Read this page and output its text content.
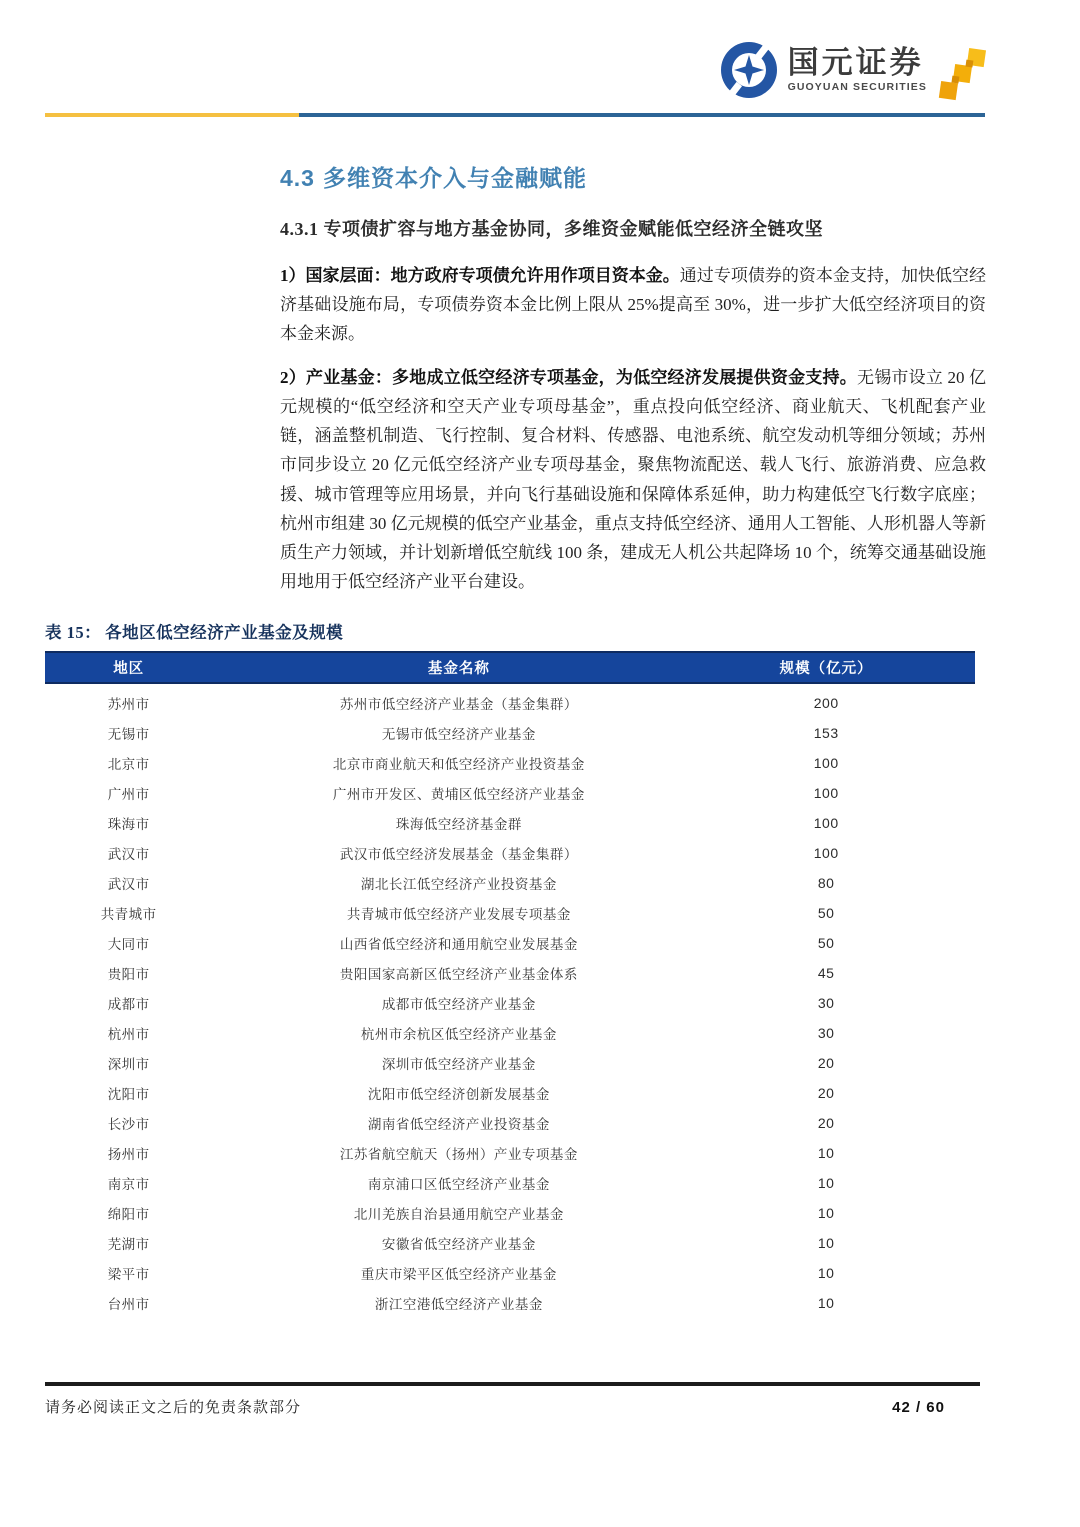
国元证券
GUOYUAN SECURITIES
4.3 多维资本介入与金融赋能
4.3.1 专项债扩容与地方基金协同，多维资金赋能低空经济全链攻坚

1）国家层面：地方政府专项债允许用作项目资本金。通过专项债券的资本金支持，加快低空经济基础设施布局，专项债券资本金比例上限从 25%提高至 30%，进一步扩大低空经济项目的资本金来源。

2）产业基金：多地成立低空经济专项基金，为低空经济发展提供资金支持。无锡市设立 20 亿元规模的“低空经济和空天产业专项母基金”，重点投向低空经济、商业航天、飞机配套产业链，涵盖整机制造、飞行控制、复合材料、传感器、电池系统、航空发动机等细分领域；苏州市同步设立 20 亿元低空经济产业专项母基金，聚焦物流配送、载人飞行、旅游消费、应急救援、城市管理等应用场景，并向飞行基础设施和保障体系延伸，助力构建低空飞行数字底座；杭州市组建 30 亿元规模的低空产业基金，重点支持低空经济、通用人工智能、人形机器人等新质生产力领域，并计划新增低空航线 100 条，建成无人机公共起降场 10 个，统筹交通基础设施用地用于低空经济产业平台建设。

表 15： 各地区低空经济产业基金及规模
地区	基金名称	规模（亿元）
苏州市	苏州市低空经济产业基金（基金集群）	200
无锡市	无锡市低空经济产业基金	153
北京市	北京市商业航天和低空经济产业投资基金	100
广州市	广州市开发区、黄埔区低空经济产业基金	100
珠海市	珠海低空经济基金群	100
武汉市	武汉市低空经济发展基金（基金集群）	100
武汉市	湖北长江低空经济产业投资基金	80
共青城市	共青城市低空经济产业发展专项基金	50
大同市	山西省低空经济和通用航空业发展基金	50
贵阳市	贵阳国家高新区低空经济产业基金体系	45
成都市	成都市低空经济产业基金	30
杭州市	杭州市余杭区低空经济产业基金	30
深圳市	深圳市低空经济产业基金	20
沈阳市	沈阳市低空经济创新发展基金	20
长沙市	湖南省低空经济产业投资基金	20
扬州市	江苏省航空航天（扬州）产业专项基金	10
南京市	南京浦口区低空经济产业基金	10
绵阳市	北川羌族自治县通用航空产业基金	10
芜湖市	安徽省低空经济产业基金	10
梁平市	重庆市梁平区低空经济产业基金	10
台州市	浙江空港低空经济产业基金	10
请务必阅读正文之后的免责条款部分	42 / 60
